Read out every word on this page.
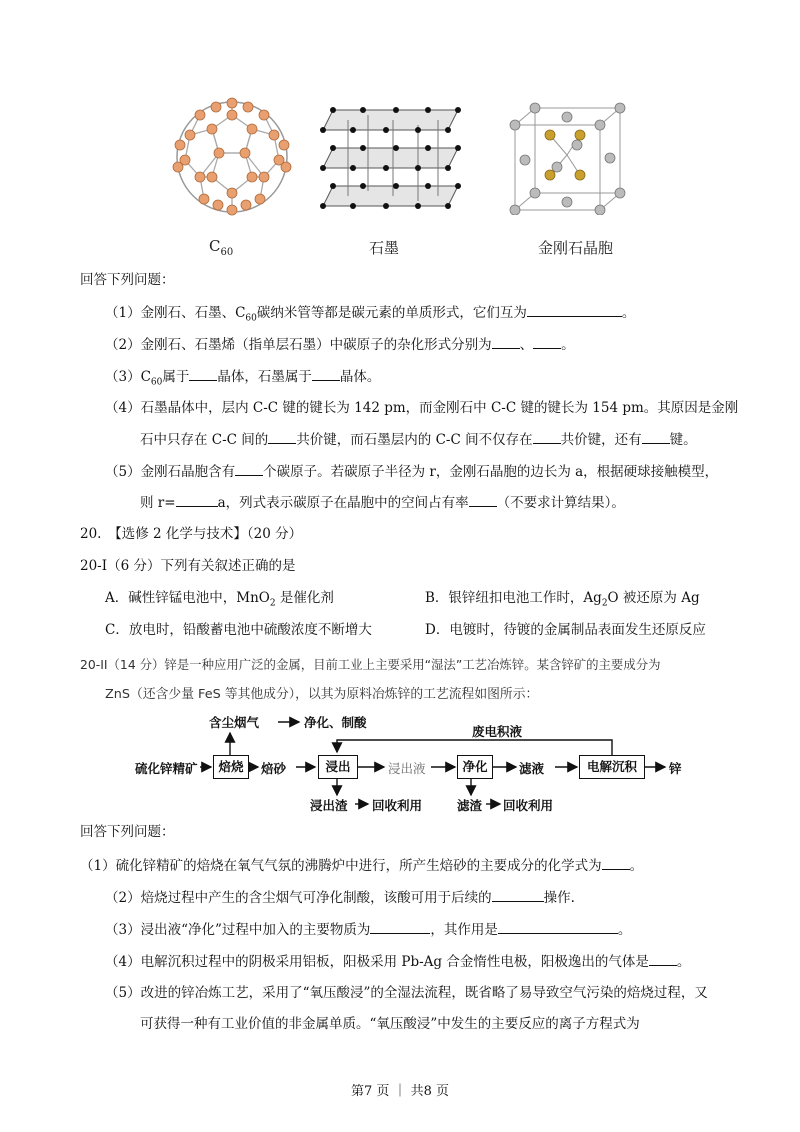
$C_{60}$	石墨	金刚石晶胞
回答下列问题：
（1）金刚石、石墨、$C_{60}$碳纳米管等都是碳元素的单质形式，它们互为	。
（2）金刚石、石墨烯（指单层石墨）中碳原子的杂化形式分别为 、 。
$(3)C_{60}$属于 晶体，石墨属于 晶体。
（4）石墨晶体中，层内 C-C 键的键长为 142 pm，而金刚石中 C-C 键的键长为 154 pm。其原因是金刚
石中只存在 C-C 间的 共价键，而石墨层内的 C-C 间不仅存在 共价键，还有 键。
（5）金刚石晶胞含有 个碳原子。若碳原子半径为 r，金刚石晶胞的边长为 a，根据硬球接触模型，
则 r=	a，列式表示碳原子在晶胞中的空间占有率 （不要求计算结果）。
20.　【选修 2 化学与技术】（20 分）
20-I（6 分）下列有关叙述正确的是
A．碱性锌锰电池中，MnO$_2$ 是催化剂	B．银锌纽扣电池工作时，$Ag_2O$ 被还原为 Ag
C．放电时，铅酸蓄电池中硫酸浓度不断增大	D．电镀时，待镀的金属制品表面发生还原反应
20-II（14 分）锌是一种应用广泛的金属，目前工业上主要采用“湿法”工艺冶炼锌。某含锌矿的主要成分为
ZnS（还含少量 FeS 等其他成分），以其为原料冶炼锌的工艺流程如图所示：
含尘烟气	净化、制酸
废电积液
硫化锌精矿	焙烧	焙砂	浸出	浸出液	净化	滤液	电解沉积	锌
浸出渣 回收利用	滤渣 回收利用
回答下列问题：
（1）硫化锌精矿的焙烧在氧气气氛的沸腾炉中进行，所产生焙砂的主要成分的化学式为 。
（2）焙烧过程中产生的含尘烟气可净化制酸，该酸可用于后续的	操作.
（3）浸出液“净化”过程中加入的主要物质为	，其作用是	。
（4）电解沉积过程中的阴极采用铝板，阳极采用 Pb-Ag 合金惰性电极，阳极逸出的气体是 。
（5）改进的锌冶炼工艺，采用了“氧压酸浸”的全湿法流程，既省略了易导致空气污染的焙烧过程，又
可获得一种有工业价值的非金属单质。“氧压酸浸”中发生的主要反应的离子方程式为
第7 页 ｜ 共8 页
